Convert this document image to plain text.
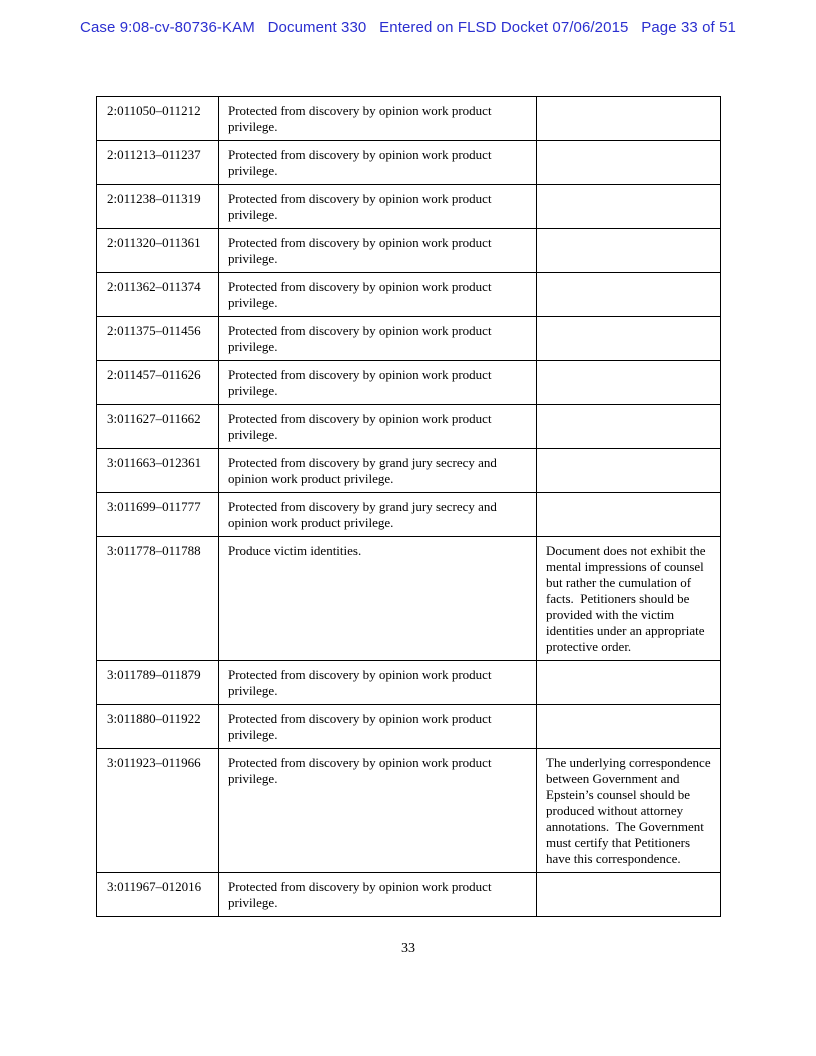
Case 9:08-cv-80736-KAM   Document 330   Entered on FLSD Docket 07/06/2015   Page 33 of 51
2:011050–011212	Protected from discovery by opinion work product privilege.	
2:011213–011237	Protected from discovery by opinion work product privilege.	
2:011238–011319	Protected from discovery by opinion work product privilege.	
2:011320–011361	Protected from discovery by opinion work product privilege.	
2:011362–011374	Protected from discovery by opinion work product privilege.	
2:011375–011456	Protected from discovery by opinion work product privilege.	
2:011457–011626	Protected from discovery by opinion work product privilege.	
3:011627–011662	Protected from discovery by opinion work product privilege.	
3:011663–012361	Protected from discovery by grand jury secrecy and opinion work product privilege.	
3:011699–011777	Protected from discovery by grand jury secrecy and opinion work product privilege.	
3:011778–011788	Produce victim identities.	Document does not exhibit the mental impressions of counsel but rather the cumulation of facts.  Petitioners should be provided with the victim identities under an appropriate protective order.
3:011789–011879	Protected from discovery by opinion work product privilege.	
3:011880–011922	Protected from discovery by opinion work product privilege.	
3:011923–011966	Protected from discovery by opinion work product privilege.	The underlying correspondence between Government and Epstein’s counsel should be produced without attorney annotations.  The Government must certify that Petitioners have this correspondence.
3:011967–012016	Protected from discovery by opinion work product privilege.	
33
